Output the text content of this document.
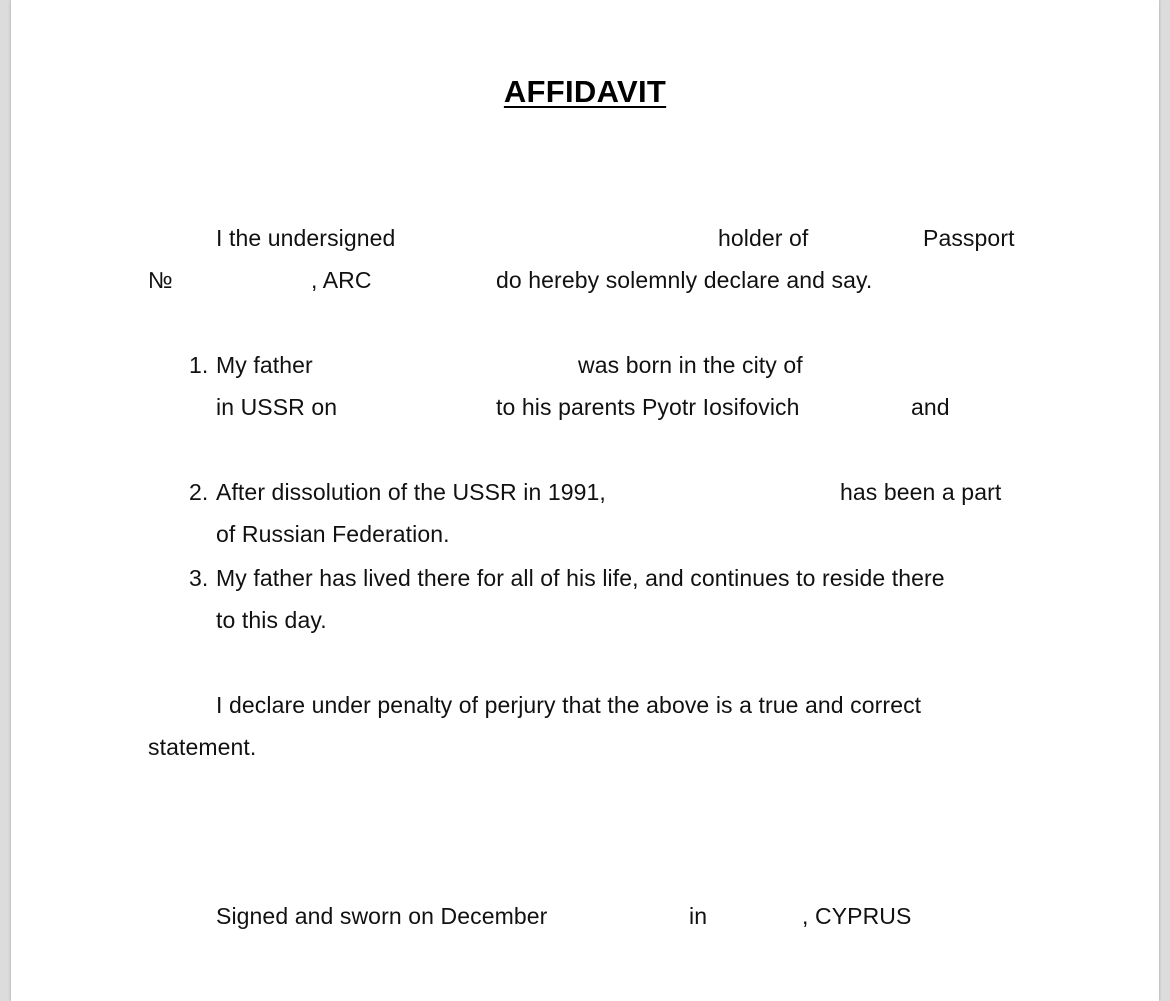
AFFIDAVIT
I the undersigned	holder of	Passport
№	, ARC	do hereby solemnly declare and say.
1. My father	was born in the city of
in USSR on	to his parents Pyotr Iosifovich	and
2. After dissolution of the USSR in 1991,	has been a part
of Russian Federation.
3. My father has lived there for all of his life, and continues to reside there
to this day.
I declare under penalty of perjury that the above is a true and correct
statement.
Signed and sworn on December	in	, CYPRUS
